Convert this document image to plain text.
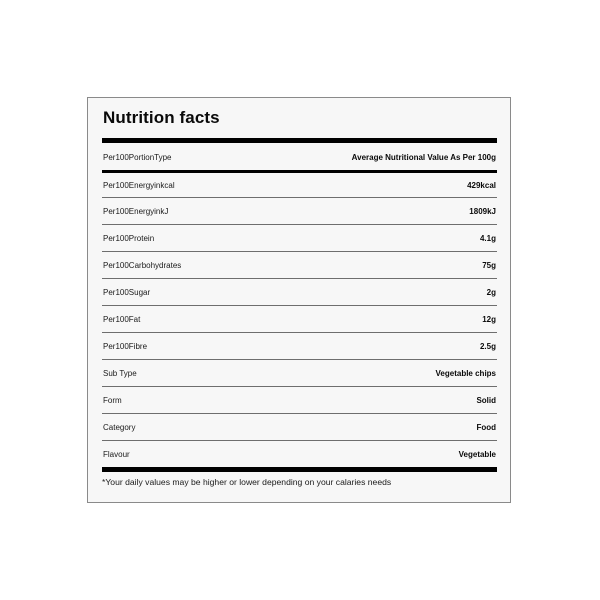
Nutrition facts
Per100PortionType	Average Nutritional Value As Per 100g
Per100Energyinkcal	429kcal
Per100EnergyinkJ	1809kJ
Per100Protein	4.1g
Per100Carbohydrates	75g
Per100Sugar	2g
Per100Fat	12g
Per100Fibre	2.5g
Sub Type	Vegetable chips
Form	Solid
Category	Food
Flavour	Vegetable
*Your daily values may be higher or lower depending on your calaries needs
